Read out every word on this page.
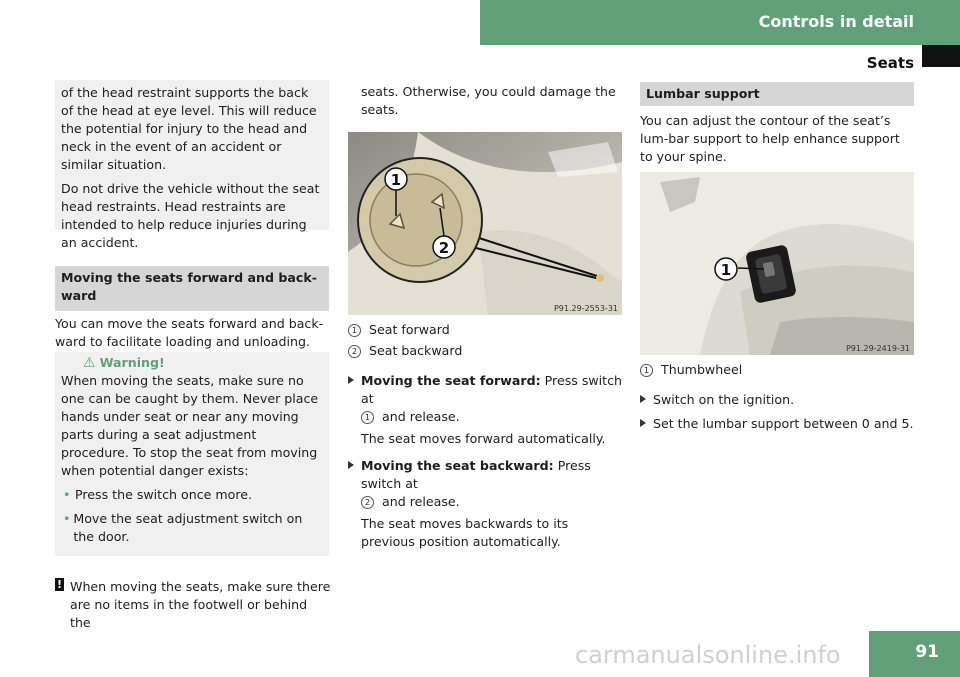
Controls in detail
Seats

of the head restraint supports the back of the head at eye level. This will reduce the potential for injury to the head and neck in the event of an accident or similar situation.

Do not drive the vehicle without the seat head restraints. Head restraints are intended to help reduce injuries during an accident.

Moving the seats forward and back-
ward

You can move the seats forward and back-ward to facilitate loading and unloading.

⚠ Warning!

When moving the seats, make sure no one can be caught by them. Never place hands under seat or near any moving parts during a seat adjustment procedure. To stop the seat from moving when potential danger exists:

• Press the switch once more.
• Move the seat adjustment switch on the door.
! When moving the seats, make sure there are no items in the footwell or behind the

seats. Otherwise, you could damage the seats.

1
2
P91.29-2553-31
1 Seat forward
2 Seat backward

Moving the seat forward: Press switch at

1 and release.

The seat moves forward automatically.

Moving the seat backward: Press switch at

2 and release.

The seat moves backwards to its previous position automatically.

Lumbar support

You can adjust the contour of the seat’s lum-bar support to help enhance support to your spine.

1
P91.29-2419-31
1 Thumbwheel
Switch on the ignition.
Set the lumbar support between 0 and 5.
91
carmanualsonline.info
